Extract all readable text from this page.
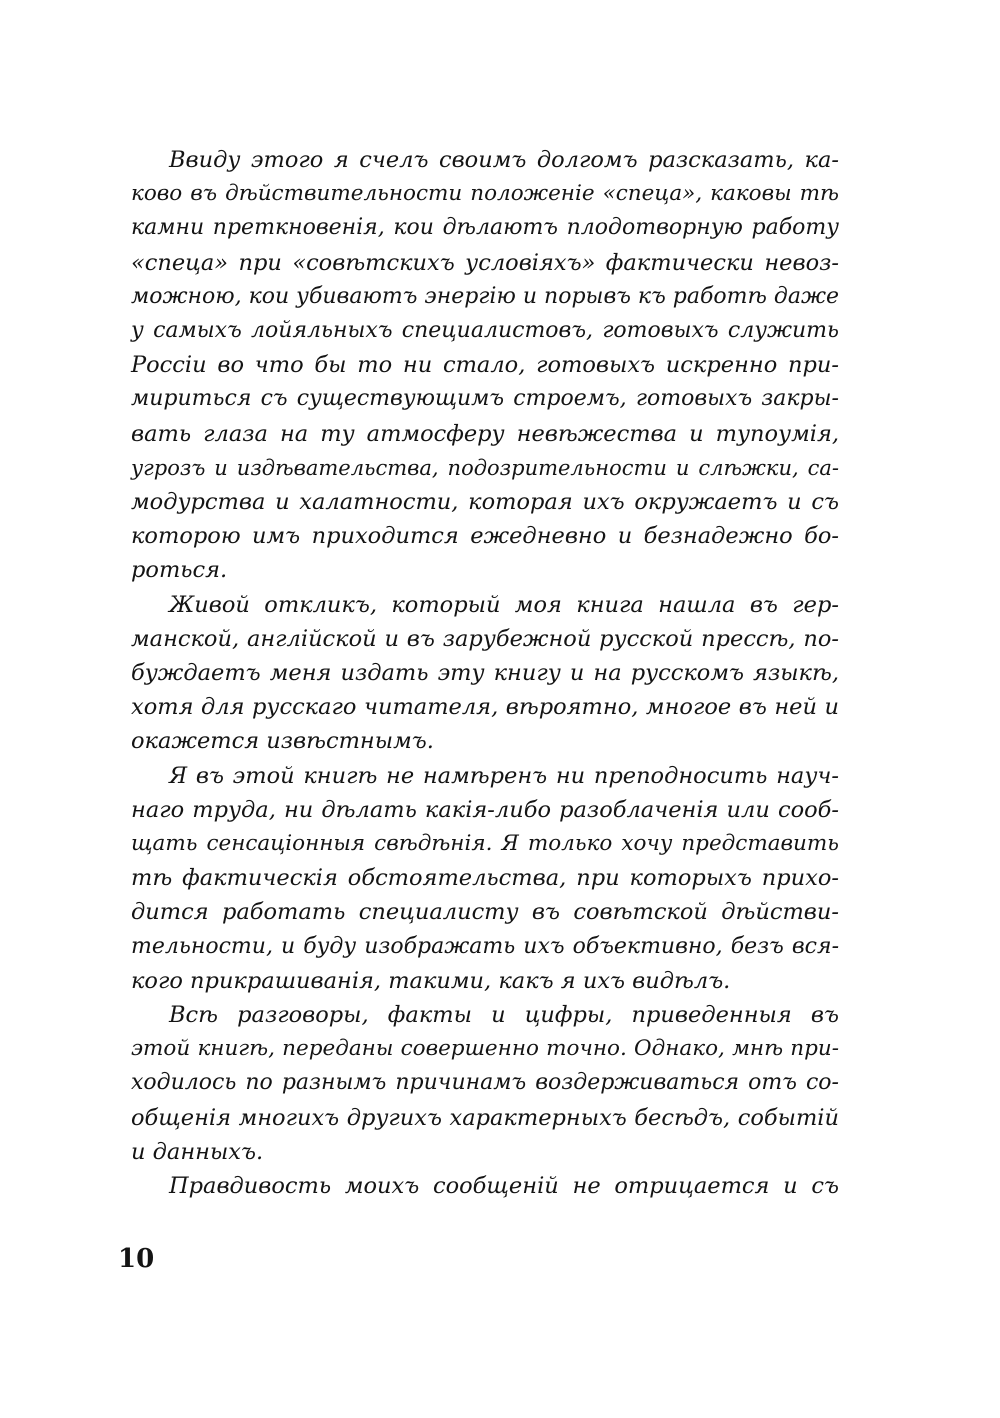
Ввиду этого я счелъ своимъ долгомъ разсказать, ка-
ково въ дѣйствительности положенiе «спеца», каковы тѣ
камни преткновенiя, кои дѣлаютъ плодотворную работу
«спеца» при «совѣтскихъ условiяхъ» фактически невоз-
можною, кои убиваютъ энергiю и порывъ къ работѣ даже
у самыхъ лойяльныхъ специалистовъ, готовыхъ служить
Россiи во что бы то ни стало, готовыхъ искренно при-
мириться съ существующимъ строемъ, готовыхъ закры-
вать глаза на ту атмосферу невѣжества и тупоумiя,
угрозъ и издѣвательства, подозрительности и слѣжки, са-
модурства и халатности, которая ихъ окружаетъ и съ
которою имъ приходится ежедневно и безнадежно бо-
роться.

Живой откликъ, который моя книга нашла въ гер-
манской, англiйской и въ зарубежной русской прессѣ, по-
буждаетъ меня издать эту книгу и на русскомъ языкѣ,
хотя для русскаго читателя, вѣроятно, многое въ ней и
окажется извѣстнымъ.

Я въ этой книгѣ не намѣренъ ни преподносить науч-
наго труда, ни дѣлать какiя-либо разоблаченiя или сооб-
щать сенсацiонныя свѣдѣнiя. Я только хочу представить
тѣ фактическiя обстоятельства, при которыхъ прихо-
дится работать специалисту въ совѣтской дѣйстви-
тельности, и буду изображать ихъ объективно, безъ вся-
кого прикрашиванiя, такими, какъ я ихъ видѣлъ.

Всѣ разговоры, факты и цифры, приведенныя въ
этой книгѣ, переданы совершенно точно. Однако, мнѣ при-
ходилось по разнымъ причинамъ воздерживаться отъ со-
общенiя многихъ другихъ характерныхъ бесѣдъ, событiй
и данныхъ.

Правдивость моихъ сообщенiй не отрицается и съ

10
